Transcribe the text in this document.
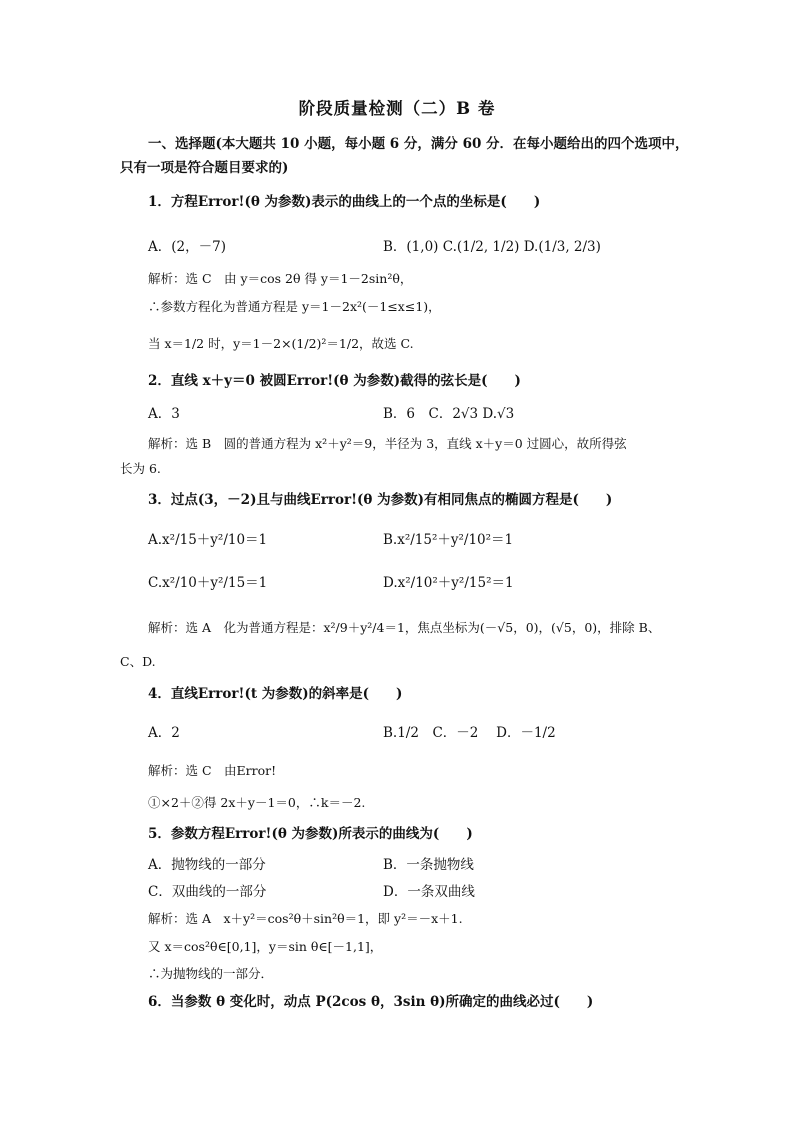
阶段质量检测（二）B 卷
一、选择题(本大题共 10 小题，每小题 6 分，满分 60 分．在每小题给出的四个选项中，
只有一项是符合题目要求的)
1．方程Error!(θ 为参数)表示的曲线上的一个点的坐标是(　　)
A．(2，－7)	B．(1,0) C.(1/2, 1/2) D.(1/3, 2/3)
解析：选 C　由 y＝cos 2θ 得 y＝1－2sin²θ，
∴参数方程化为普通方程是 y＝1－2x²(－1≤x≤1)，
当 x＝1/2 时，y＝1－2×(1/2)²＝1/2，故选 C.
2．直线 x＋y＝0 被圆Error!(θ 为参数)截得的弦长是(　　)
A．3	B．6　C．2√3 D.√3
解析：选 B　圆的普通方程为 x²＋y²＝9，半径为 3，直线 x＋y＝0 过圆心，故所得弦
长为 6.
3．过点(3，－2)且与曲线Error!(θ 为参数)有相同焦点的椭圆方程是(　　)
A.x²/15＋y²/10＝1	B.x²/15²＋y²/10²＝1
C.x²/10＋y²/15＝1	D.x²/10²＋y²/15²＝1
解析：选 A　化为普通方程是：x²/9＋y²/4＝1，焦点坐标为(－√5，0)，(√5，0)，排除 B、
C、D.
4．直线Error!(t 为参数)的斜率是(　　)
A．2	B.1/2　C．－2　 D．－1/2
解析：选 C　由Error!
①×2＋②得 2x＋y－1＝0，∴k＝－2.
5．参数方程Error!(θ 为参数)所表示的曲线为(　　)
A．抛物线的一部分	B．一条抛物线
C．双曲线的一部分	D．一条双曲线
解析：选 A　x＋y²＝cos²θ＋sin²θ＝1，即 y²＝－x＋1.
又 x＝cos²θ∈[0,1]，y＝sin θ∈[－1,1]，
∴为抛物线的一部分．
6．当参数 θ 变化时，动点 P(2cos θ，3sin θ)所确定的曲线必过(　　)
